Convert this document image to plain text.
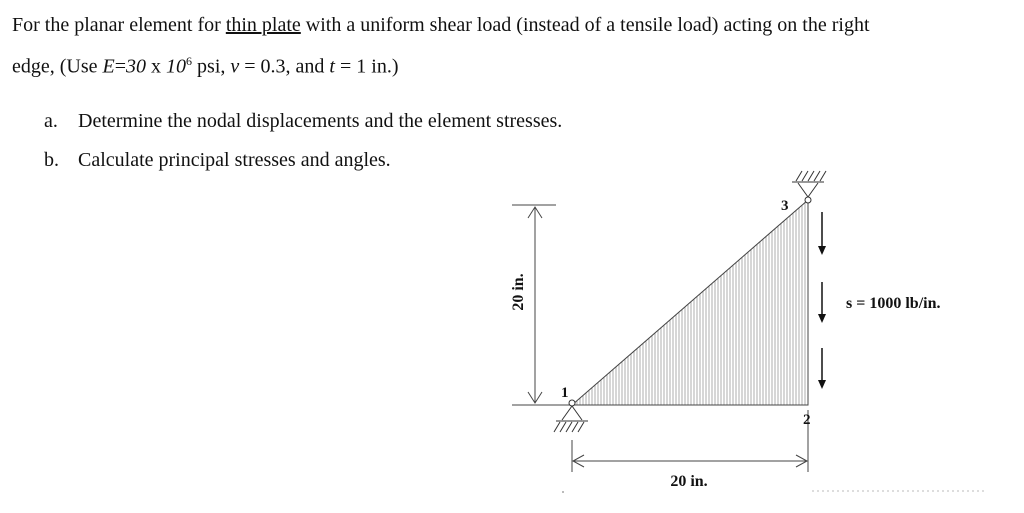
For the planar element for thin plate with a uniform shear load (instead of a tensile load) acting on the right
edge, (Use E=30 x $10^6$ psi, ν = 0.3, and t = 1 in.)
a. Determine the nodal displacements and the element stresses.
b. Calculate principal stresses and angles.
20 in.
20 in.
1
2
3
s = 1000 lb/in.
